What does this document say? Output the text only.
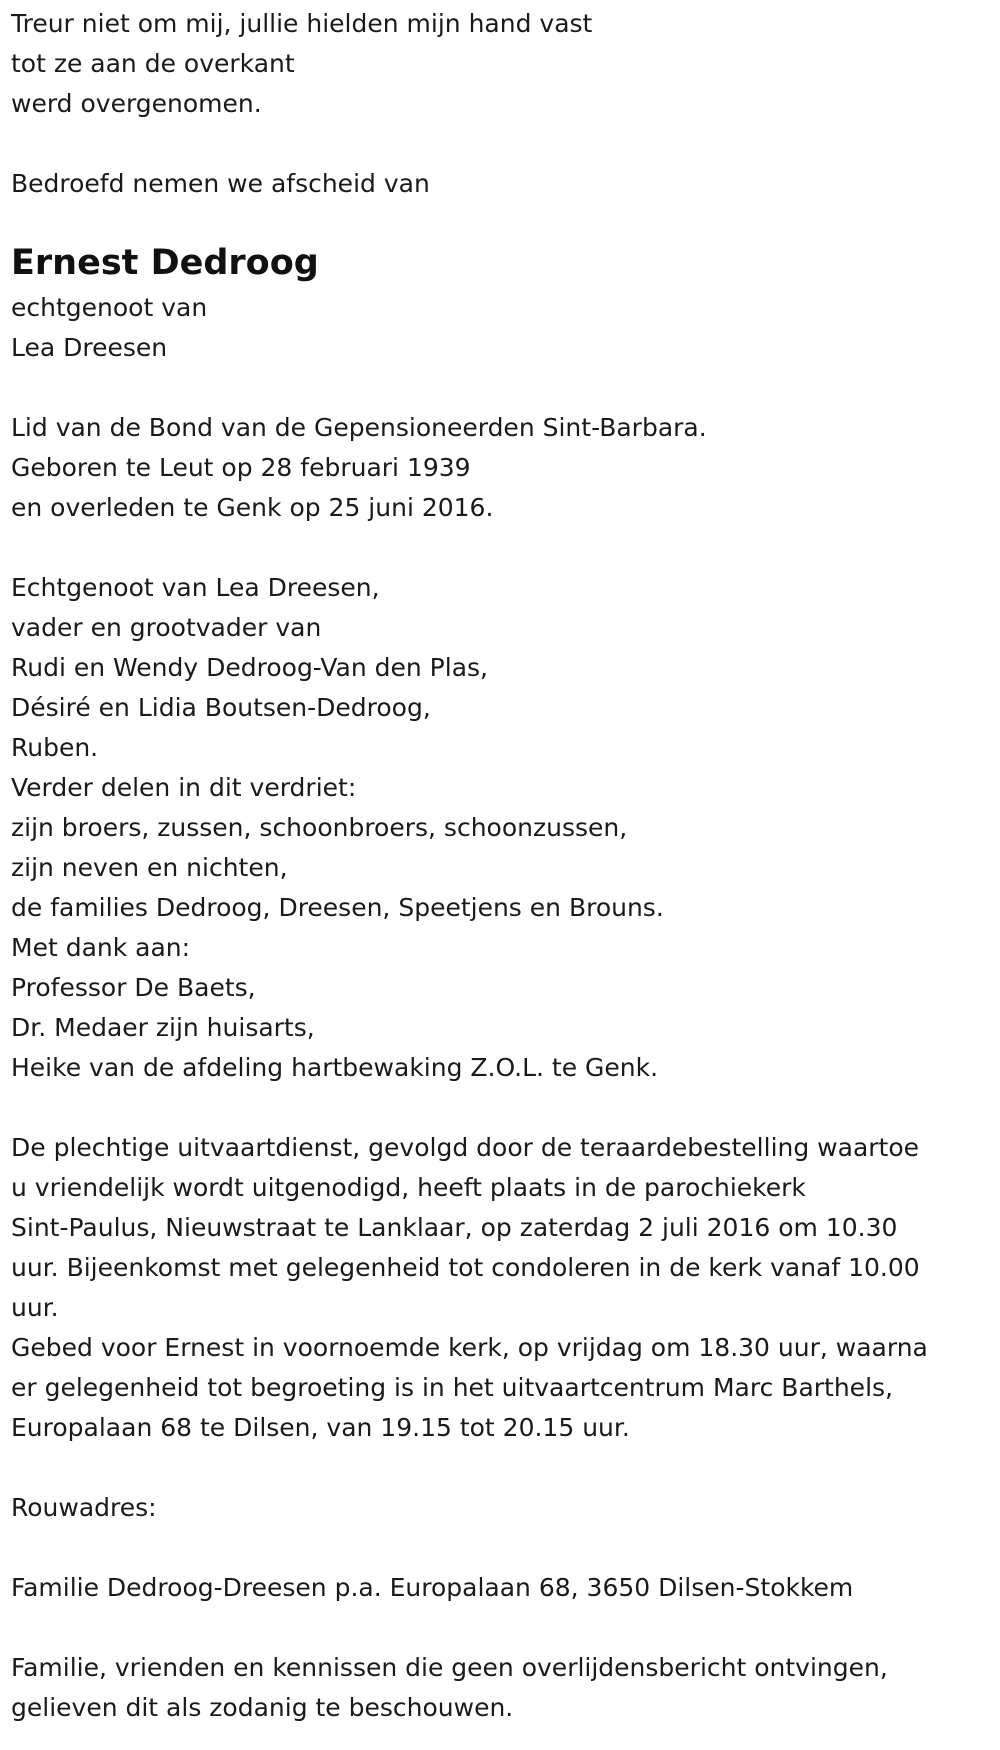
Treur niet om mij, jullie hielden mijn hand vast
tot ze aan de overkant
werd overgenomen.
Bedroefd nemen we afscheid van
Ernest Dedroog
echtgenoot van
Lea Dreesen
Lid van de Bond van de Gepensioneerden Sint-Barbara.
Geboren te Leut op 28 februari 1939
en overleden te Genk op 25 juni 2016.
Echtgenoot van Lea Dreesen,
vader en grootvader van
Rudi en Wendy Dedroog-Van den Plas,
Désiré en Lidia Boutsen-Dedroog,
Ruben.
Verder delen in dit verdriet:
zijn broers, zussen, schoonbroers, schoonzussen,
zijn neven en nichten,
de families Dedroog, Dreesen, Speetjens en Brouns.
Met dank aan:
Professor De Baets,
Dr. Medaer zijn huisarts,
Heike van de afdeling hartbewaking Z.O.L. te Genk.
De plechtige uitvaartdienst, gevolgd door de teraardebestelling waartoe
u vriendelijk wordt uitgenodigd, heeft plaats in de parochiekerk
Sint-Paulus, Nieuwstraat te Lanklaar, op zaterdag 2 juli 2016 om 10.30
uur. Bijeenkomst met gelegenheid tot condoleren in de kerk vanaf 10.00
uur.
Gebed voor Ernest in voornoemde kerk, op vrijdag om 18.30 uur, waarna
er gelegenheid tot begroeting is in het uitvaartcentrum Marc Barthels,
Europalaan 68 te Dilsen, van 19.15 tot 20.15 uur.
Rouwadres:
Familie Dedroog-Dreesen p.a. Europalaan 68, 3650 Dilsen-Stokkem
Familie, vrienden en kennissen die geen overlijdensbericht ontvingen,
gelieven dit als zodanig te beschouwen.
